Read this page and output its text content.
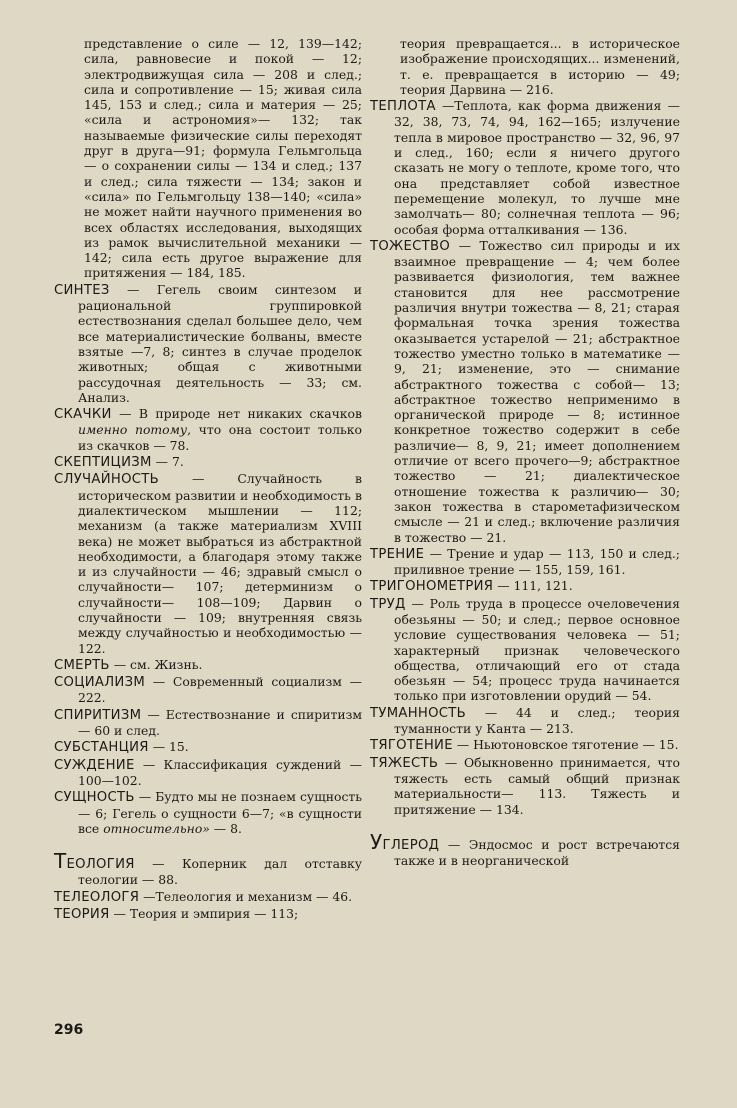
представление о силе — 12, 139—142; сила, равновесие и покой — 12; электродвижущая сила — 208 и след.; сила и сопротивление — 15; живая сила 145, 153 и след.; сила и материя — 25; «сила и астрономия»— 132; так называемые физические силы переходят друг в друга—91; формула Гельмгольца — о сохранении силы — 134 и след.; 137 и след.; сила тяжести — 134; закон и «сила» по Гельмгольцу 138—140; «сила» не может найти научного применения во всех областях исследования, выходящих из рамок вычислительной механики — 142; сила есть другое выражение для притяжения — 184, 185.

СИНТЕЗ — Гегель своим синтезом и рациональной группировкой естествознания сделал большее дело, чем все материалистические болваны, вместе взятые —7, 8; синтез в случае проделок животных; общая с животными рассудочная деятельность — 33; см. Анализ.

СКАЧКИ — В природе нет никаких скачков именно потому, что она состоит только из скачков — 78.

СКЕПТИЦИЗМ — 7.

СЛУЧАЙНОСТЬ — Случайность в историческом развитии и необходимость в диалектическом мышлении — 112; механизм (а также материализм XVIII века) не может выбраться из абстрактной необходимости, а благодаря этому также и из случайности — 46; здравый смысл о случайности— 107; детерминизм о случайности— 108—109; Дарвин о случайности — 109; внутренняя связь между случайностью и необходимостью — 122.

СМЕРТЬ — см. Жизнь.

СОЦИАЛИЗМ — Современный социализм — 222.

СПИРИТИЗМ — Естествознание и спиритизм — 60 и след.

СУБСТАНЦИЯ — 15.

СУЖДЕНИЕ — Классификация суждений — 100—102.

СУЩНОСТЬ — Будто мы не познаем сущность — 6; Гегель о сущности 6—7; «в сущности все относительно» — 8.

ТЕОЛОГИЯ — Коперник дал отставку теологии — 88.

ТЕЛЕОЛОГЯ —Телеология и механизм — 46.

ТЕОРИЯ — Теория и эмпирия — 113;

теория превращается... в историческое изображение происходящих... изменений, т. е. превращается в историю — 49; теория Дарвина — 216.

ТЕПЛОТА —Теплота, как форма движения — 32, 38, 73, 74, 94, 162—165; излучение тепла в мировое пространство — 32, 96, 97 и след., 160; если я ничего другого сказать не могу о теплоте, кроме того, что она представляет собой известное перемещение молекул, то лучше мне замолчать— 80; солнечная теплота — 96; особая форма отталкивания — 136.

ТОЖЕСТВО — Тожество сил природы и их взаимное превращение — 4; чем более развивается физиология, тем важнее становится для нее рассмотрение различия внутри тожества — 8, 21; старая формальная точка зрения тожества оказывается устарелой — 21; абстрактное тожество уместно только в математике — 9, 21; изменение, это — снимание абстрактного тожества с собой— 13; абстрактное тожество неприменимо в органической природе — 8; истинное конкретное тожество содержит в себе различие— 8, 9, 21; имеет дополнением отличие от всего прочего—9; абстрактное тожество — 21; диалектическое отношение тожества к различию— 30; закон тожества в старометафизическом смысле — 21 и след.; включение различия в тожество — 21.

ТРЕНИЕ — Трение и удар — 113, 150 и след.; приливное трение — 155, 159, 161.

ТРИГОНОМЕТРИЯ — 111, 121.

ТРУД — Роль труда в процессе очеловечения обезьяны — 50; и след.; первое основное условие существования человека — 51; характерный признак человеческого общества, отличающий его от стада обезьян — 54; процесс труда начинается только при изготовлении орудий — 54.

ТУМАННОСТЬ — 44 и след.; теория туманности у Канта — 213.

ТЯГОТЕНИЕ — Ньютоновское тяготение — 15.

ТЯЖЕСТЬ — Обыкновенно принимается, что тяжесть есть самый общий признак материальности— 113. Тяжесть и притяжение — 134.

УГЛЕРОД — Эндосмос и рост встречаются также и в неорганической

296
